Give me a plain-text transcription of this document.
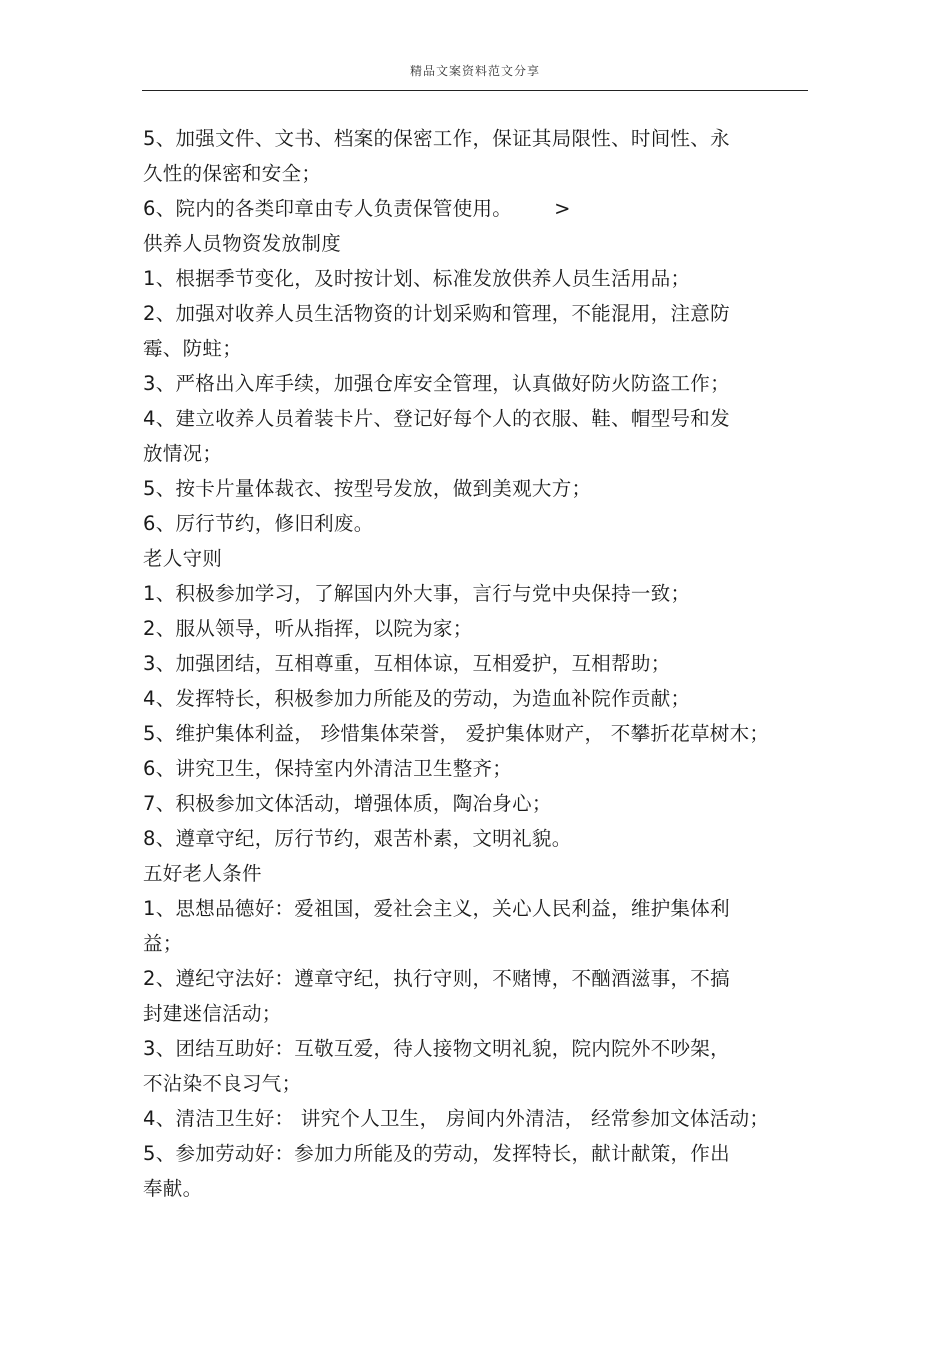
精品文案资料范文分享
5、加强文件、文书、档案的保密工作，保证其局限性、时间性、永
久性的保密和安全；
6、院内的各类印章由专人负责保管使用。 >
供养人员物资发放制度
1、根据季节变化，及时按计划、标准发放供养人员生活用品；
2、加强对收养人员生活物资的计划采购和管理，不能混用，注意防
霉、防蛀；
3、严格出入库手续，加强仓库安全管理，认真做好防火防盗工作；
4、建立收养人员着装卡片、登记好每个人的衣服、鞋、帽型号和发
放情况；
5、按卡片量体裁衣、按型号发放，做到美观大方；
6、厉行节约，修旧利废。
老人守则
1、积极参加学习，了解国内外大事，言行与党中央保持一致；
2、服从领导，听从指挥，以院为家；
3、加强团结，互相尊重，互相体谅，互相爱护，互相帮助；
4、发挥特长，积极参加力所能及的劳动，为造血补院作贡献；
5、维护集体利益， 珍惜集体荣誉， 爱护集体财产， 不攀折花草树木；
6、讲究卫生，保持室内外清洁卫生整齐；
7、积极参加文体活动，增强体质，陶冶身心；
8、遵章守纪，厉行节约，艰苦朴素，文明礼貌。
五好老人条件
1、思想品德好：爱祖国，爱社会主义，关心人民利益，维护集体利
益；
2、遵纪守法好：遵章守纪，执行守则，不赌博，不酗酒滋事，不搞
封建迷信活动；
3、团结互助好：互敬互爱，待人接物文明礼貌，院内院外不吵架，
不沾染不良习气；
4、清洁卫生好： 讲究个人卫生， 房间内外清洁， 经常参加文体活动；
5、参加劳动好：参加力所能及的劳动，发挥特长，献计献策，作出
奉献。
